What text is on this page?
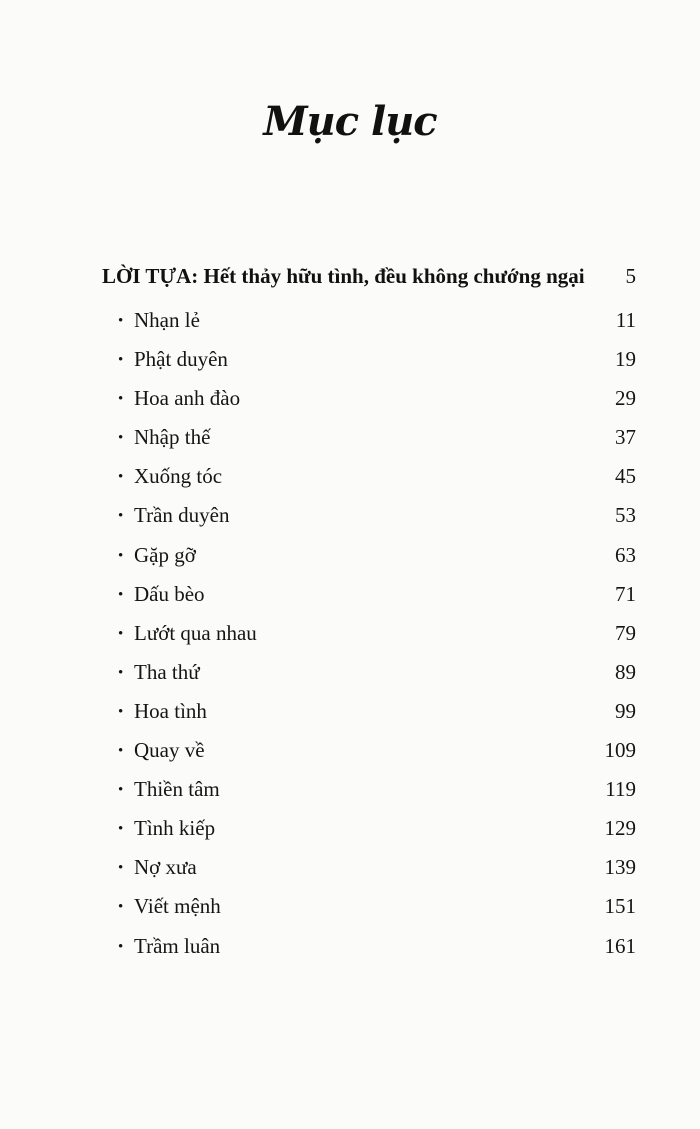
Mục lục
LỜI TỰA: Hết thảy hữu tình, đều không chướng ngại 5
• Nhạn lẻ	11
• Phật duyên	19
• Hoa anh đào	29
• Nhập thế	37
• Xuống tóc	45
• Trần duyên	53
• Gặp gỡ	63
• Dấu bèo	71
• Lướt qua nhau	79
• Tha thứ	89
• Hoa tình	99
• Quay về	109
• Thiền tâm	119
• Tình kiếp	129
• Nợ xưa	139
• Viết mệnh	151
• Trầm luân	161
